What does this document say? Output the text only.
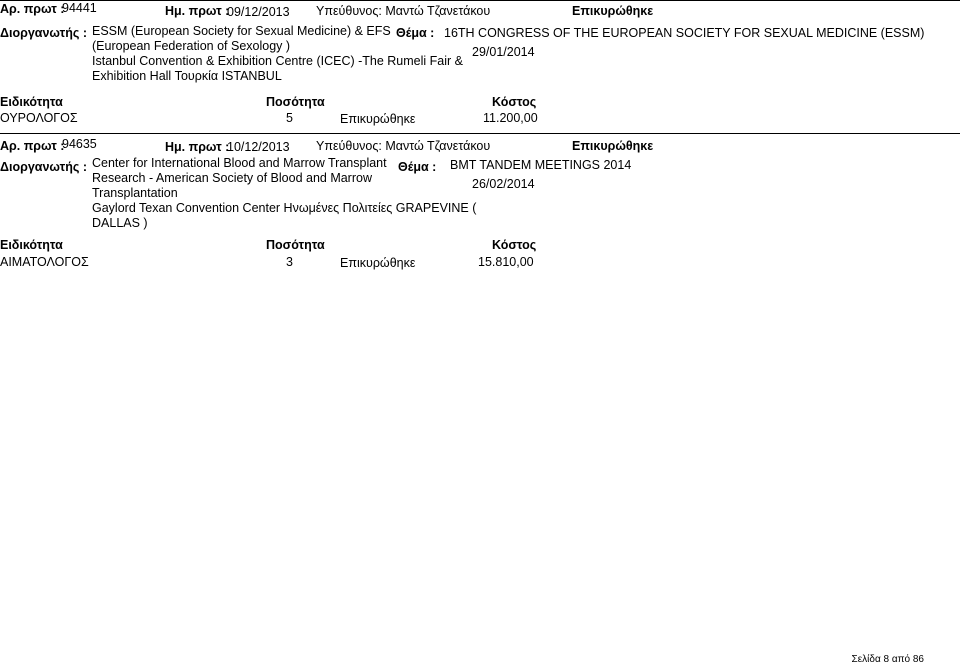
Αρ. πρωτ :
94441	Ημ. πρωτ :
09/12/2013 Υπεύθυνος: Μαντώ Τζανετάκου	Επικυρώθηκε
Διοργανωτής : ESSM (European Society for Sexual Medicine) & EFS
(European Federation of Sexology )
Istanbul Convention & Exhibition Centre (ICEC) -The Rumeli Fair &
Exhibition Hall Τουρκία ISTANBUL
Θέμα : 16TH CONGRESS OF THE EUROPEAN SOCIETY FOR SEXUAL MEDICINE (ESSM)
29/01/2014
Ειδικότητα	Ποσότητα	Κόστος
ΟΥΡΟΛΟΓΟΣ	5	Επικυρώθηκε	11.200,00
Αρ. πρωτ :
94635	Ημ. πρωτ :
10/12/2013 Υπεύθυνος: Μαντώ Τζανετάκου	Επικυρώθηκε
Διοργανωτής : Center for International Blood and Marrow Transplant
Research - American Society of Blood and Marrow
Transplantation
Gaylord Texan Convention Center Ηνωμένες Πολιτείες GRAPEVINE (
DALLAS )
Θέμα : BMT TANDEM MEETINGS 2014
26/02/2014
Ειδικότητα	Ποσότητα	Κόστος
ΑΙΜΑΤΟΛΟΓΟΣ	3	Επικυρώθηκε	15.810,00
Σελίδα 8 από 86
